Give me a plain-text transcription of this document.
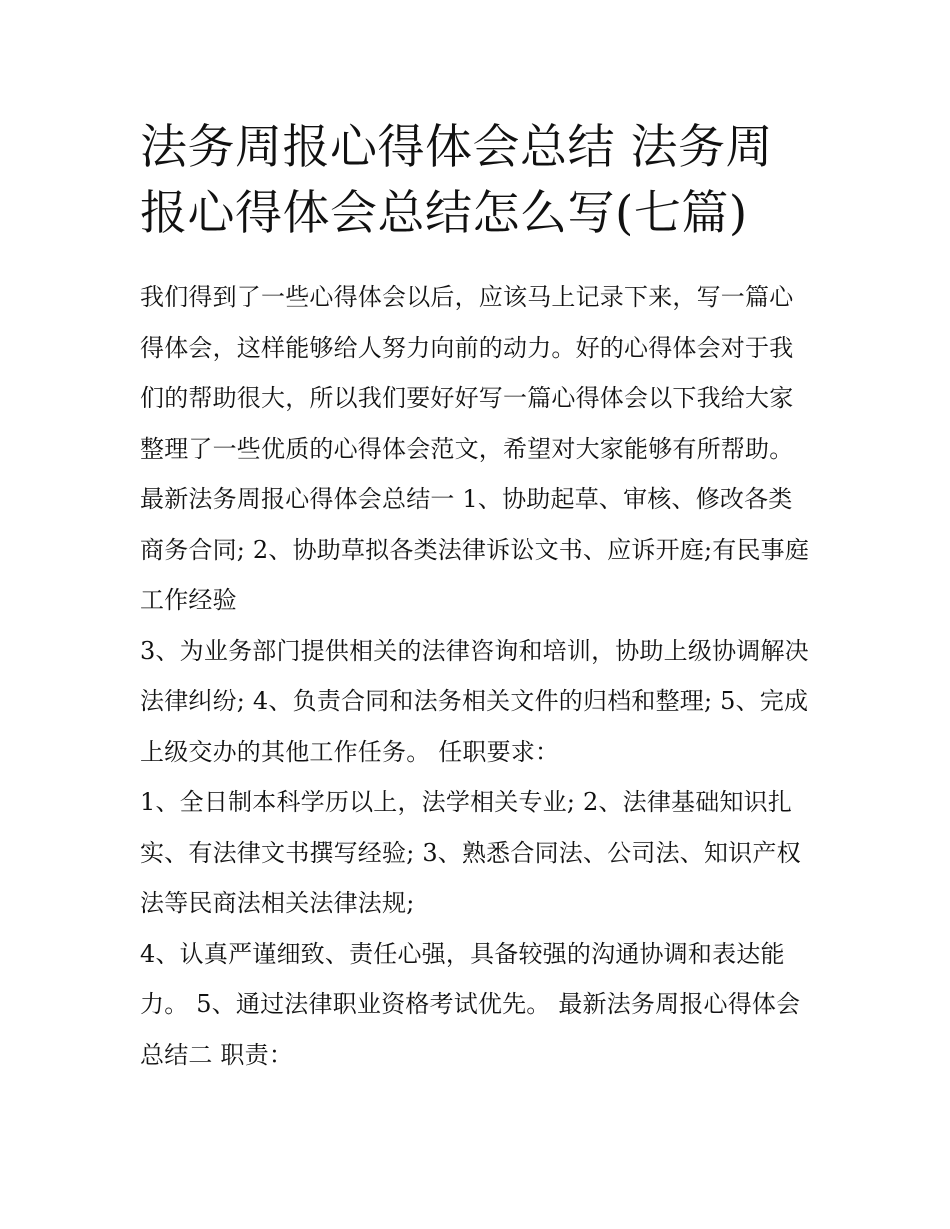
法务周报心得体会总结 法务周报心得体会总结怎么写(七篇)

我们得到了一些心得体会以后，应该马上记录下来，写一篇心得体会，这样能够给人努力向前的动力。好的心得体会对于我们的帮助很大，所以我们要好好写一篇心得体会以下我给大家整理了一些优质的心得体会范文，希望对大家能够有所帮助。

最新法务周报心得体会总结一 1、协助起草、审核、修改各类商务合同; 2、协助草拟各类法律诉讼文书、应诉开庭;有民事庭工作经验

3、为业务部门提供相关的法律咨询和培训，协助上级协调解决法律纠纷; 4、负责合同和法务相关文件的归档和整理; 5、完成上级交办的其他工作任务。 任职要求：

1、全日制本科学历以上，法学相关专业; 2、法律基础知识扎实、有法律文书撰写经验; 3、熟悉合同法、公司法、知识产权法等民商法相关法律法规;

4、认真严谨细致、责任心强，具备较强的沟通协调和表达能力。 5、通过法律职业资格考试优先。 最新法务周报心得体会总结二 职责：
